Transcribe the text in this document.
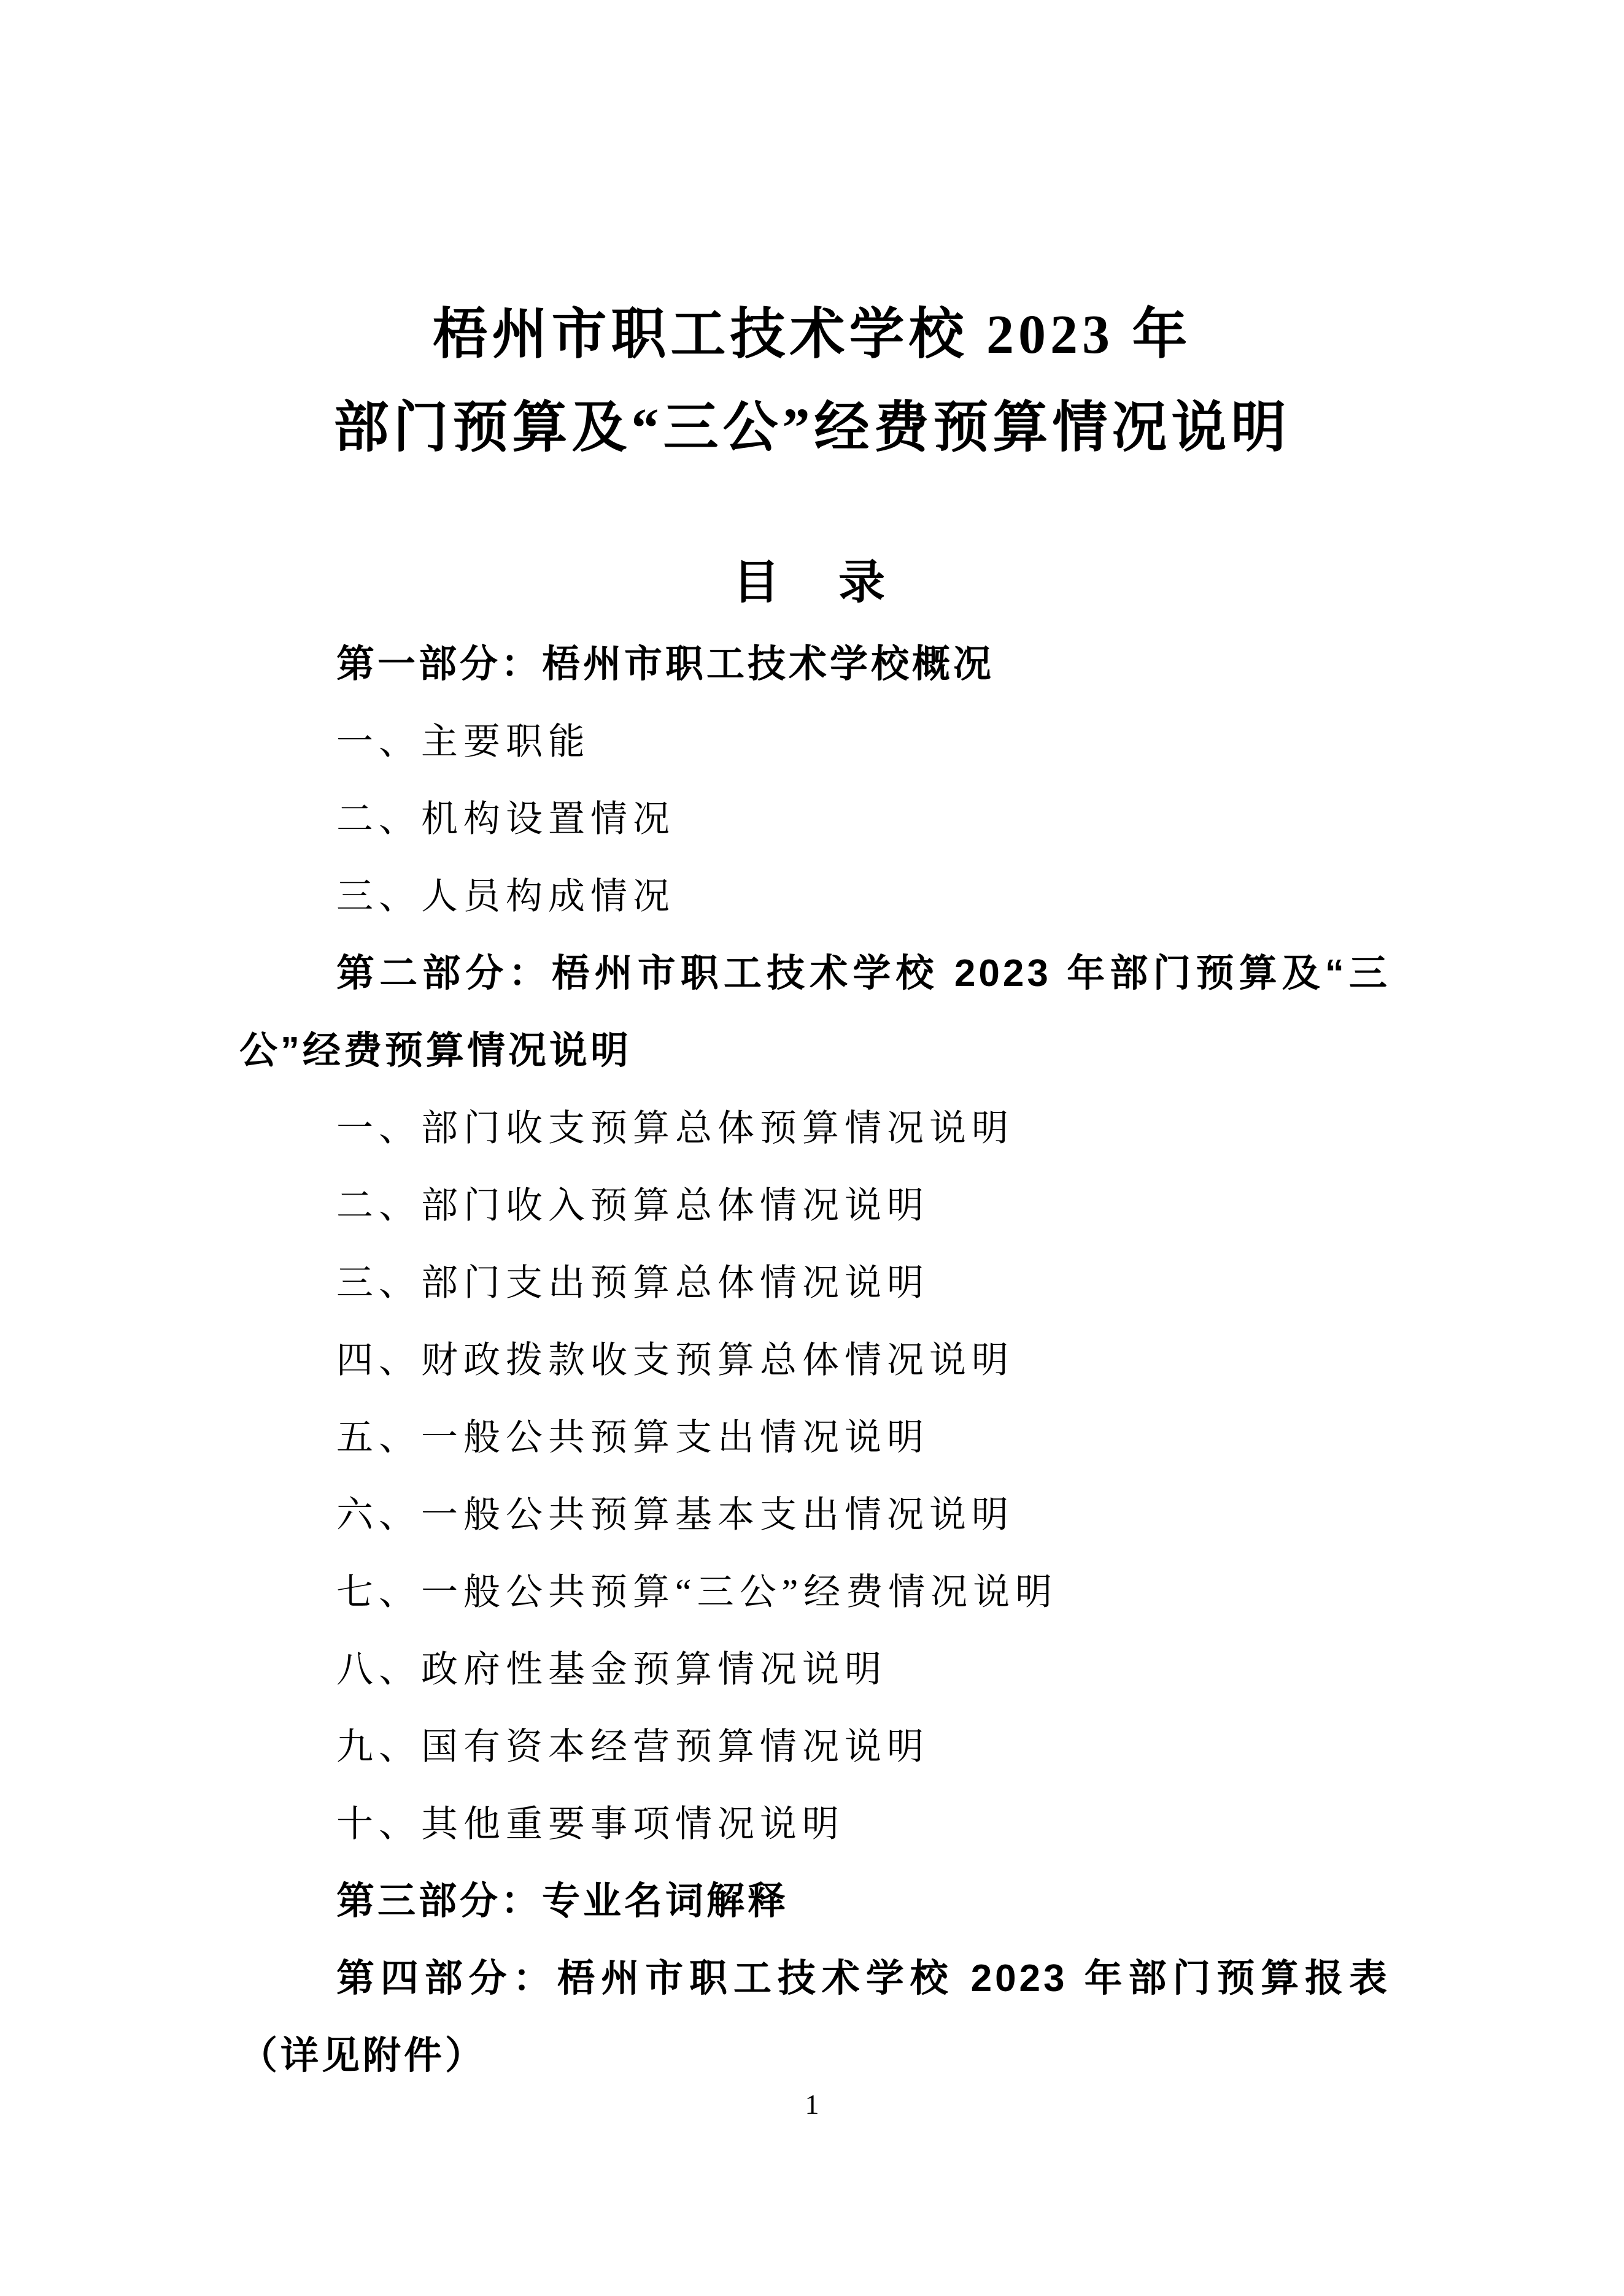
梧州市职工技术学校 2023 年
部门预算及“三公”经费预算情况说明
目　录
第一部分：梧州市职工技术学校概况
一、主要职能
二、机构设置情况
三、人员构成情况
第二部分：梧州市职工技术学校 2023 年部门预算及“三
公”经费预算情况说明
一、部门收支预算总体预算情况说明
二、部门收入预算总体情况说明
三、部门支出预算总体情况说明
四、财政拨款收支预算总体情况说明
五、一般公共预算支出情况说明
六、一般公共预算基本支出情况说明
七、一般公共预算“三公”经费情况说明
八、政府性基金预算情况说明
九、国有资本经营预算情况说明
十、其他重要事项情况说明
第三部分：专业名词解释
第四部分：梧州市职工技术学校 2023 年部门预算报表
（详见附件）
1
